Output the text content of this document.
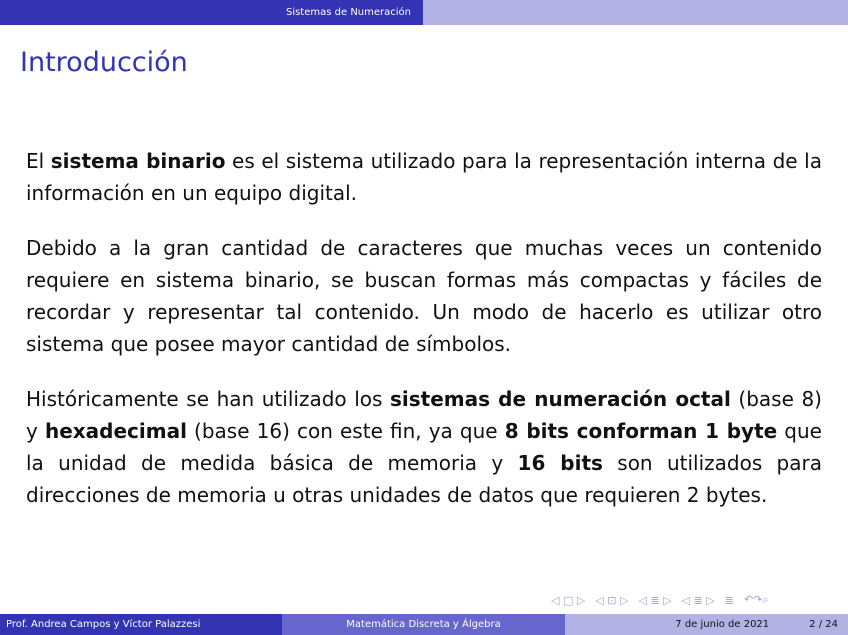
Sistemas de Numeración
Introducción

El sistema binario es el sistema utilizado para la representación interna de la información en un equipo digital.

Debido a la gran cantidad de caracteres que muchas veces un contenido requiere en sistema binario, se buscan formas más compactas y fáciles de recordar y representar tal contenido. Un modo de hacerlo es utilizar otro sistema que posee mayor cantidad de símbolos.

Históricamente se han utilizado los sistemas de numeración octal (base 8) y hexadecimal (base 16) con este fin, ya que 8 bits conforman 1 byte que la unidad de medida básica de memoria y 16 bits son utilizados para direcciones de memoria u otras unidades de datos que requieren 2 bytes.

◁ □ ▷ ◁ ⊡ ▷ ◁ ≣ ▷ ◁ ≣ ▷ ≣ ↶↷⌕
Prof. Andrea Campos y Víctor Palazzesi	Matemática Discreta y Álgebra	7 de junio de 2021	2 / 24
